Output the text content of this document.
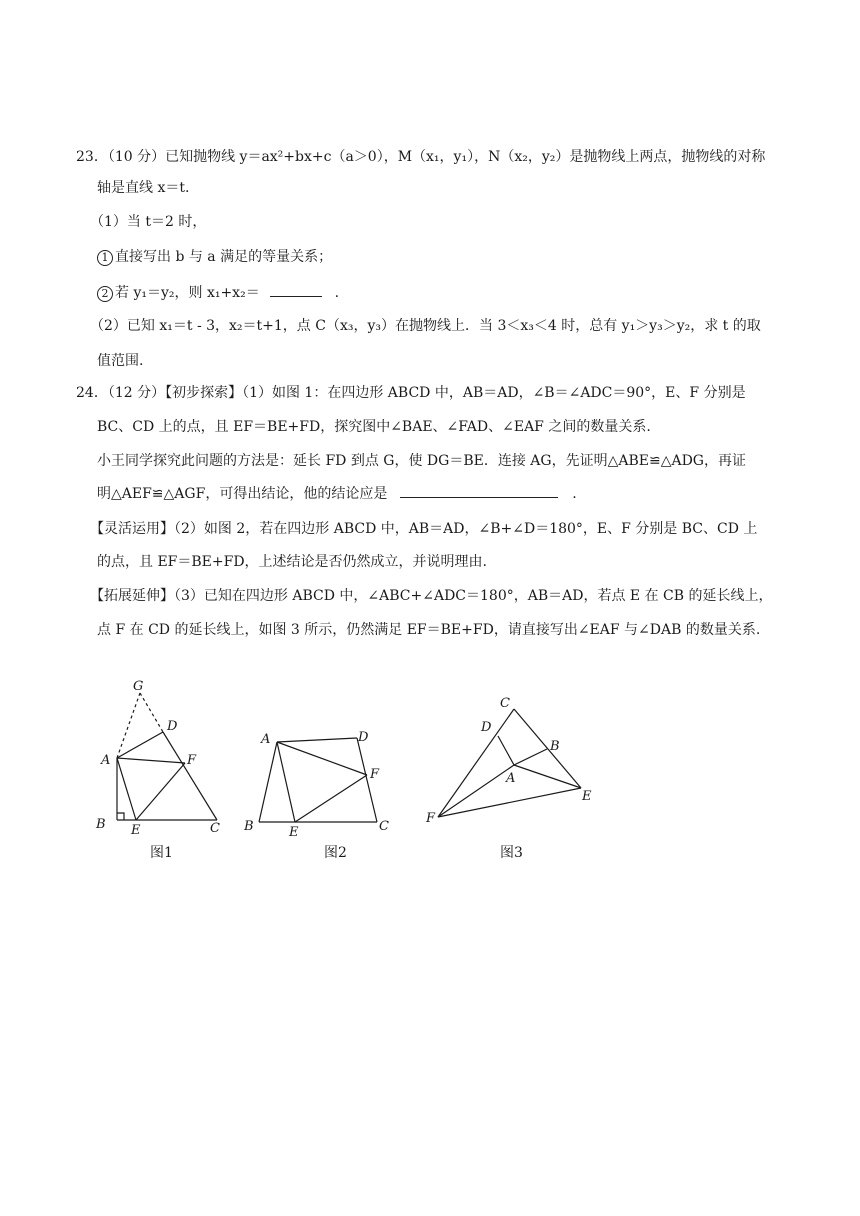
23．（10 分）已知抛物线 y＝ax²+bx+c（a＞0），M（x₁，y₁），N（x₂，y₂）是抛物线上两点，抛物线的对称
轴是直线 x＝t.
（1）当 t＝2 时，
1 直接写出 b 与 a 满足的等量关系；
2 若 y₁＝y₂，则 x₁+x₂＝	.
（2）已知 x₁＝t - 3，x₂＝t+1，点 C（x₃，y₃）在抛物线上．当 3＜x₃＜4 时，总有 y₁＞y₃＞y₂，求 t 的取
值范围.
24．（12 分）【初步探索】（1）如图 1：在四边形 ABCD 中，AB＝AD，∠B＝∠ADC＝90°，E、F 分别是
BC、CD 上的点，且 EF＝BE+FD，探究图中∠BAE、∠FAD、∠EAF 之间的数量关系.
小王同学探究此问题的方法是：延长 FD 到点 G，使 DG＝BE．连接 AG，先证明△ABE≌△ADG，再证
明△AEF≌△AGF，可得出结论，他的结论应是	.
【灵活运用】（2）如图 2，若在四边形 ABCD 中，AB＝AD，∠B+∠D＝180°，E、F 分别是 BC、CD 上
的点，且 EF＝BE+FD，上述结论是否仍然成立，并说明理由.
【拓展延伸】（3）已知在四边形 ABCD 中，∠ABC+∠ADC＝180°，AB＝AD，若点 E 在 CB 的延长线上，
点 F 在 CD 的延长线上，如图 3 所示，仍然满足 EF＝BE+FD，请直接写出∠EAF 与∠DAB 的数量关系.
G
D
A	F
B E	C
图1
A	D
F
B	E	C
图2
C
D
B
A
E
F
图3
